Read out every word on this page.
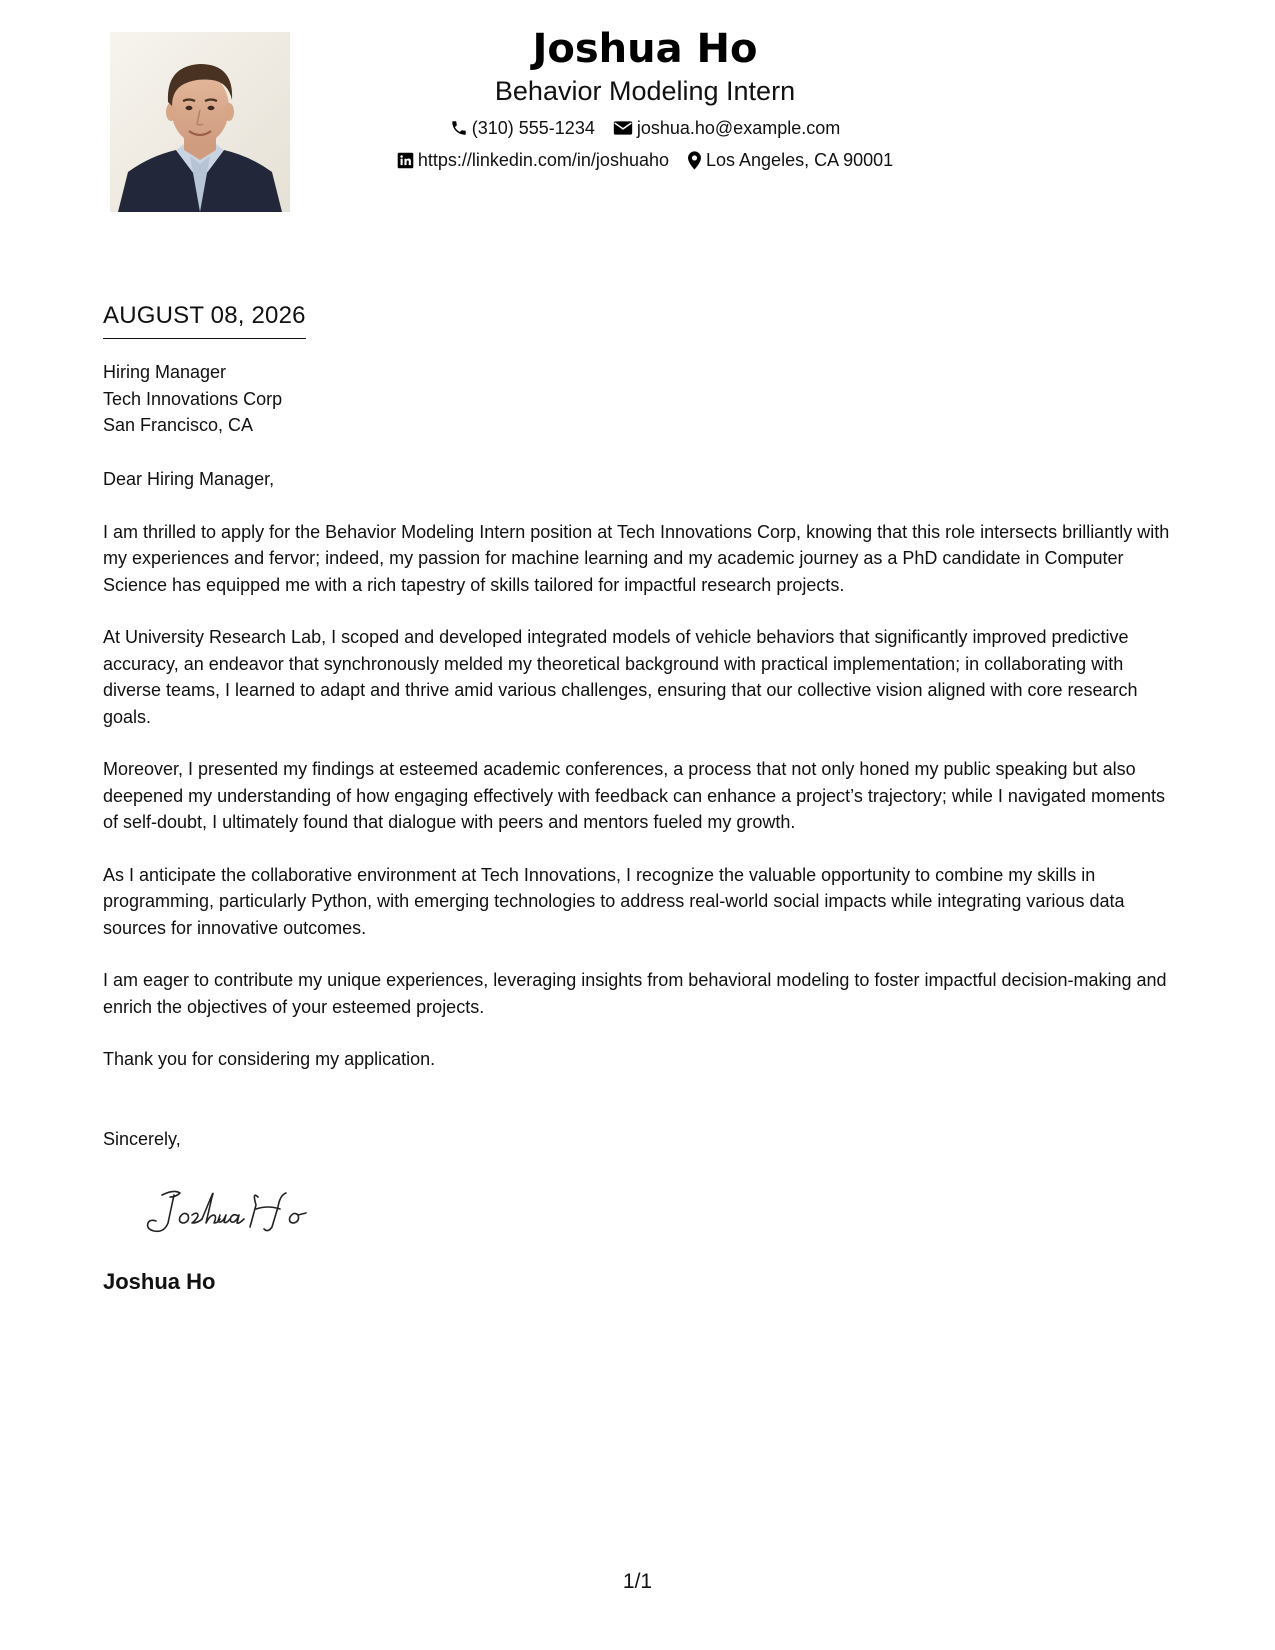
Joshua Ho
Behavior Modeling Intern
(310) 555-1234 joshua.ho@example.com
https://linkedin.com/in/joshuaho Los Angeles, CA 90001
AUGUST 08, 2026
Hiring Manager
Tech Innovations Corp
San Francisco, CA

Dear Hiring Manager,

I am thrilled to apply for the Behavior Modeling Intern position at Tech Innovations Corp, knowing that this role intersects brilliantly with my experiences and fervor; indeed, my passion for machine learning and my academic journey as a PhD candidate in Computer Science has equipped me with a rich tapestry of skills tailored for impactful research projects.

At University Research Lab, I scoped and developed integrated models of vehicle behaviors that significantly improved predictive accuracy, an endeavor that synchronously melded my theoretical background with practical implementation; in collaborating with diverse teams, I learned to adapt and thrive amid various challenges, ensuring that our collective vision aligned with core research goals.

Moreover, I presented my findings at esteemed academic conferences, a process that not only honed my public speaking but also deepened my understanding of how engaging effectively with feedback can enhance a project’s trajectory; while I navigated moments of self-doubt, I ultimately found that dialogue with peers and mentors fueled my growth.

As I anticipate the collaborative environment at Tech Innovations, I recognize the valuable opportunity to combine my skills in programming, particularly Python, with emerging technologies to address real-world social impacts while integrating various data sources for innovative outcomes.

I am eager to contribute my unique experiences, leveraging insights from behavioral modeling to foster impactful decision-making and enrich the objectives of your esteemed projects.

Thank you for considering my application.

Sincerely,
Joshua Ho
1/1
